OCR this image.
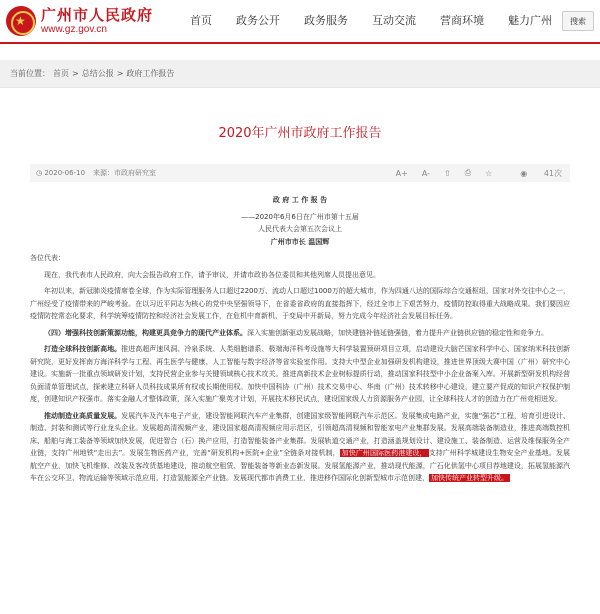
★
广州市人民政府
www.gz.gov.cn
首页	政务公开	政务服务	互动交流	营商环境	魅力广州	搜索
当前位置： 首页 > 总结公报 > 政府工作报告
2020年广州市政府工作报告
◷ 2020-06-10 来源：市政府研究室	A+ A- ⇧ ⎙ ☆	◉ 41次
政 府 工 作 报 告
——2020年6月6日在广州市第十五届
人民代表大会第五次会议上
广州市市长 温国辉
各位代表：
现在，我代表市人民政府，向大会报告政府工作，请予审议，并请市政协各位委员和其他列席人员提出意见。
年初以来，新冠肺炎疫情席卷全球，作为实际管理服务人口超过2200万、流动人口超过1000万的超大城市，作为四通八达的国际综合交通枢纽，国家对外交往中心之一，广州经受了疫情带来的严峻考验。在以习近平同志为核心的党中央坚强领导下，在省委省政府的直接指挥下，经过全市上下艰苦努力，疫情防控取得重大战略成果。我们要因应疫情防控常态化要求，科学统筹疫情防控和经济社会发展工作，在危机中育新机、于变局中开新局，努力完成今年经济社会发展目标任务。
（四）增强科技创新策源功能，构建更具竞争力的现代产业体系。深入实施创新驱动发展战略，加快建链补链延链强链，着力提升产业链供应链的稳定性和竞争力。
打造全球科技创新高地。推进高超声速风洞、冷泉系统、人类细胞谱系、极端海洋科考设施等大科学装置预研项目立项，启动建设大脑芒国家科学中心、国家纳米科技创新研究院，更好发挥南方海洋科学与工程、再生医学与健康、人工智能与数字经济等省实验室作用。支持大中型企业加强研发机构建设，推进世界顶级大赛中国（广州）研究中心建设。实施新一批重点领域研发计划，支持民营企业参与关键领域核心技术攻关。推进高新技术企业树标提质行动，推动国家科技型中小企业备案入库。开展新型研发机构经营负面清单管理试点，探索建立科研人员科技成果所有权或长期使用权。加快中国科协（广州）技术交易中心、华南（广州）技术转移中心建设，建立要产促成的知识产权保护制度，创建知识产权强市。落实金融人才整体政策，深入实施广聚英才计划，开展技术移民试点，建设国家级人力资源服务产业园，让全球科技人才的创造力在广州竞相迸发。
推动制造业高质量发展。发展汽车及汽车电子产业，建设智能网联汽车产业集群，创建国家级智能网联汽车示范区。发展集成电路产业，实施“强芯”工程，培育引进设计、制造、封装和测试等行业龙头企业。发展超高清视频产业，建设国家超高清视频应用示范区，引领超高清视频和智能家电产业集群发展。发展高端装备制造业，推进高端数控机床、船舶与海工装备等领域加快发展，促进智合（石）换产应用，打造智能装备产业集群。发展轨道交通产业，打造涵盖规划设计、建设施工、装备制造、运营及维保服务全产业链，支持广州地铁“走出去”。发展生物医药产业，完善“研发机构+医院+企业”全链条对接机制， 加快广州国际医药港建设， 支持广州科学城建设生物安全产业基地。发展航空产业，加快飞机维修、改装及客改货基地建设，推动航空租赁、智能装备等新业态新发展。发展氢能源产业，推动现代能源，广石化供氢中心项目荐地建设，拓展氢能源汽车在公交环卫、物流运输等领域示范应用，打造氢能源全产业链。发展现代都市消费工业，推进移作国际化创新型城市示范创建， 加快传统产业转型升级。
